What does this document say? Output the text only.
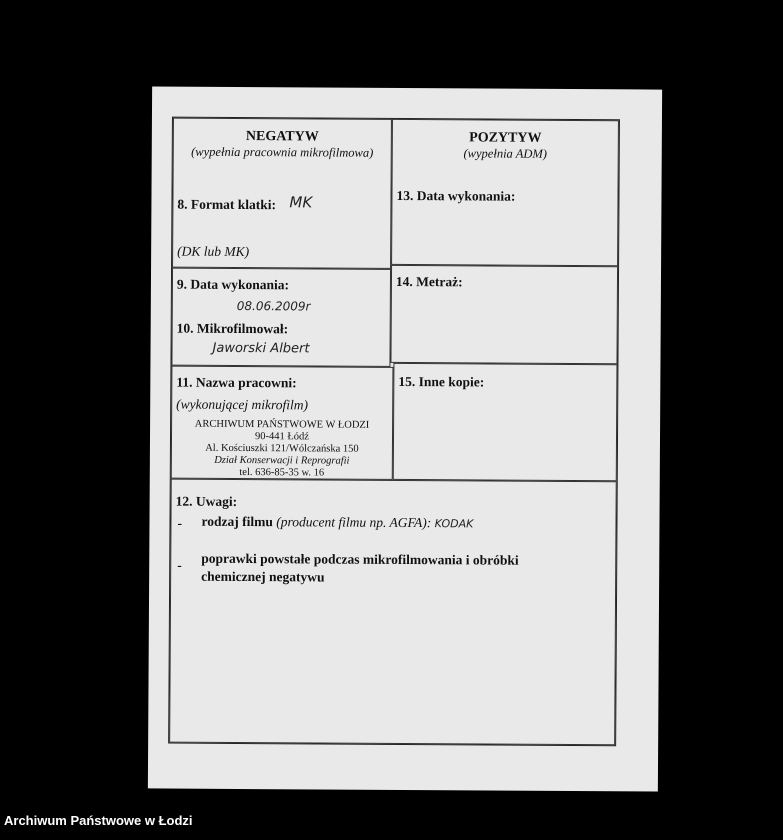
NEGATYW
(wypełnia pracownia mikrofilmowa)
8. Format klatki: MK
(DK lub MK)
POZYTYW
(wypełnia ADM)
13. Data wykonania:
9. Data wykonania:
08.06.2009r
10. Mikrofilmował:
Jaworski Albert
14. Metraż:
11. Nazwa pracowni:
(wykonującej mikrofilm)
ARCHIWUM PAŃSTWOWE W ŁODZI
90-441 Łódź
Al. Kościuszki 121/Wólczańska 150
Dział Konserwacji i Reprografii
tel. 636-85-35 w. 16
15. Inne kopie:
12. Uwagi:
- rodzaj filmu (producent filmu np. AGFA): KODAK
- poprawki powstałe podczas mikrofilmowania i obróbki
chemicznej negatywu
Archiwum Państwowe w Łodzi
